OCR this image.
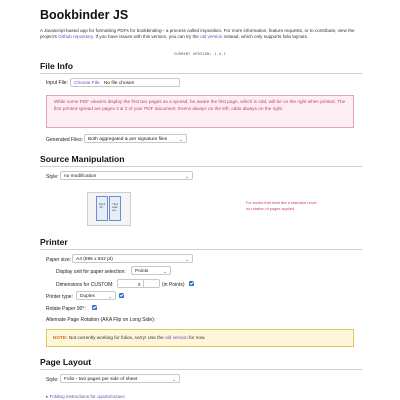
Bookbinder JS
A Javascript-based app for formatting PDFs for bookbinding-- a process called imposition. For more information, feature requests, or to contribute, view the project's Github repository. If you have issues with this version, you can try the old version instead, which only supports folio layouts.
CURRENT VERSION: 1.4.1
File Info
Input File:	Choose File No file chosen
While some PDF viewers display the first two pages as a spread, be aware the first page, which is odd, will be on the right when printed. The first printed spread are pages 2 & 3 of your PDF document. Evens always on the left; odds always on the right.
Generated Files:	Both aggregated & per signature files	⌄
Source Manipulation
Style:	no modification	⌄
fwy’d
M...
*Jod
look
an...
For books that read like a standard novel
no rotation of pages applied
Printer
Paper size:	A4 (595 x 842 pt)	⌄
Display unit for paper selection:	Points	⌄
Dimensions for CUSTOM:	x	(in Points)
Printer type:	Duplex	⌄
Rotate Paper 90°:
Alternate Page Rotation (AKA Flip on Long Side):
NOTE: Not currently working for folios, sorry! Use the old version for now.
Page Layout
Style:	Folio - two pages per side of sheet	⌄
▸ Folding instructions for quarto/octavo
